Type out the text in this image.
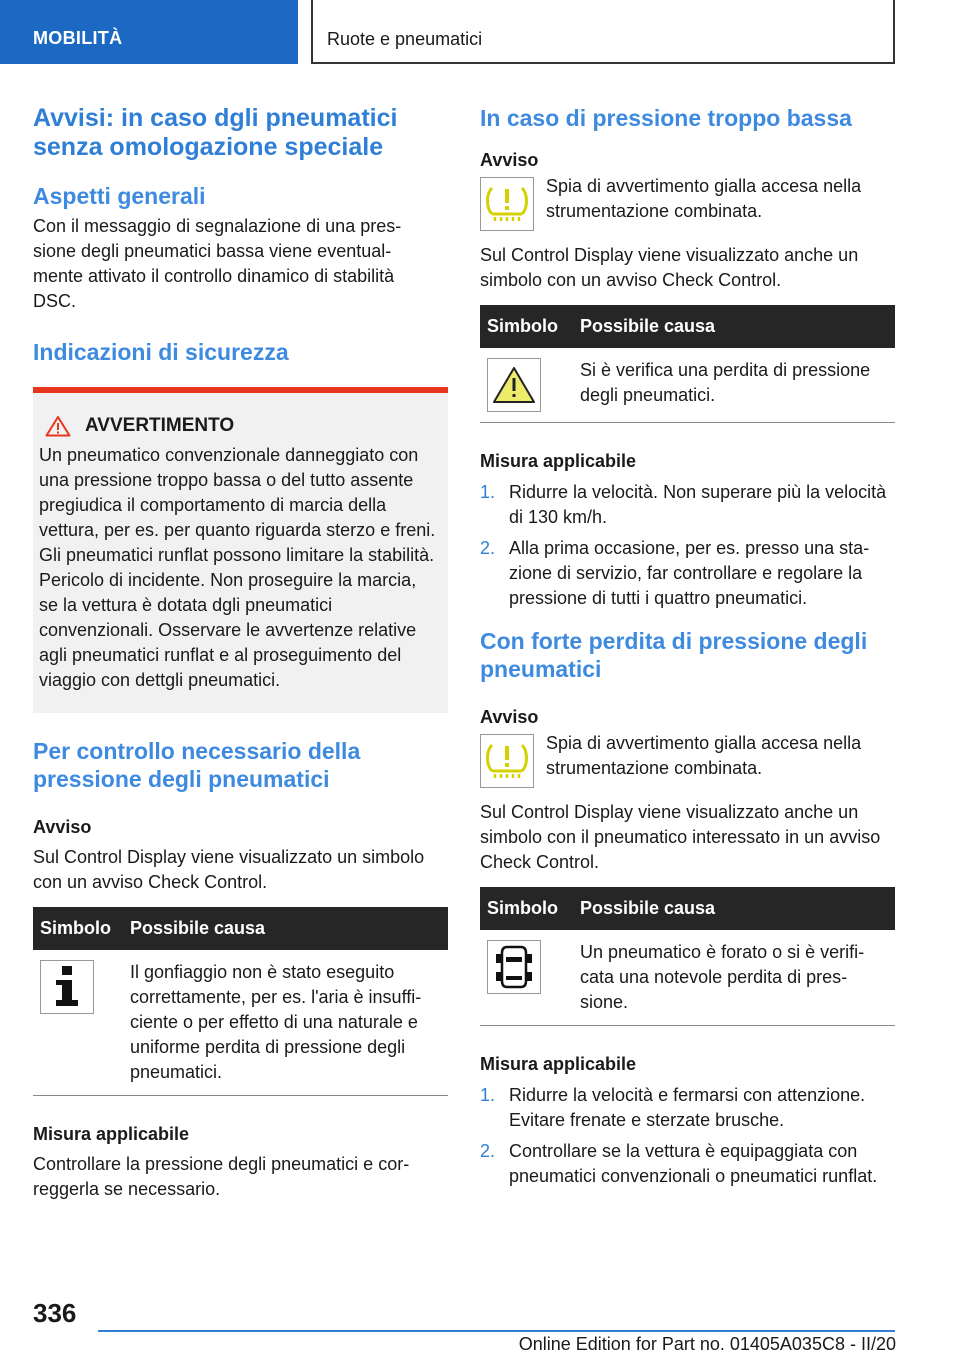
MOBILITÀ	Ruote e pneumatici
Avvisi: in caso dgli pneumatici senza omologazione speciale
Aspetti generali

Con il messaggio di segnalazione di una pressione degli pneumatici bassa viene eventualmente attivato il controllo dinamico di stabilità DSC.

Indicazioni di sicurezza
AVVERTIMENTO

Un pneumatico convenzionale danneggiato con una pressione troppo bassa o del tutto assente pregiudica il comportamento di marcia della vettura, per es. per quanto riguarda sterzo e freni. Gli pneumatici runflat possono limitare la stabilità. Pericolo di incidente. Non proseguire la marcia, se la vettura è dotata dgli pneumatici convenzionali. Osservare le avvertenze relative agli pneumatici runflat e al proseguimento del viaggio con dettgli pneumatici.

Per controllo necessario della pressione degli pneumatici

Avviso

Sul Control Display viene visualizzato un simbolo con un avviso Check Control.

Simbolo	Possibile causa

	Il gonfiaggio non è stato eseguito correttamente, per es. l'aria è insufficiente o per effetto di una naturale e uniforme perdita di pressione degli pneumatici.

Misura applicabile

Controllare la pressione degli pneumatici e correggerla se necessario.

In caso di pressione troppo bassa

Avviso

Spia di avvertimento gialla accesa nella strumentazione combinata.

Sul Control Display viene visualizzato anche un simbolo con un avviso Check Control.

Simbolo	Possibile causa

	Si è verifica una perdita di pressione degli pneumatici.

Misura applicabile

1. Ridurre la velocità. Non superare più la velocità di 130 km/h.
2. Alla prima occasione, per es. presso una stazione di servizio, far controllare e regolare la pressione di tutti i quattro pneumatici.
Con forte perdita di pressione degli pneumatici

Avviso

Spia di avvertimento gialla accesa nella strumentazione combinata.

Sul Control Display viene visualizzato anche un simbolo con il pneumatico interessato in un avviso Check Control.

Simbolo	Possibile causa

	Un pneumatico è forato o si è verificata una notevole perdita di pressione.

Misura applicabile

1. Ridurre la velocità e fermarsi con attenzione. Evitare frenate e sterzate brusche.
2. Controllare se la vettura è equipaggiata con pneumatici convenzionali o pneumatici runflat.
336
Online Edition for Part no. 01405A035C8 - II/20
